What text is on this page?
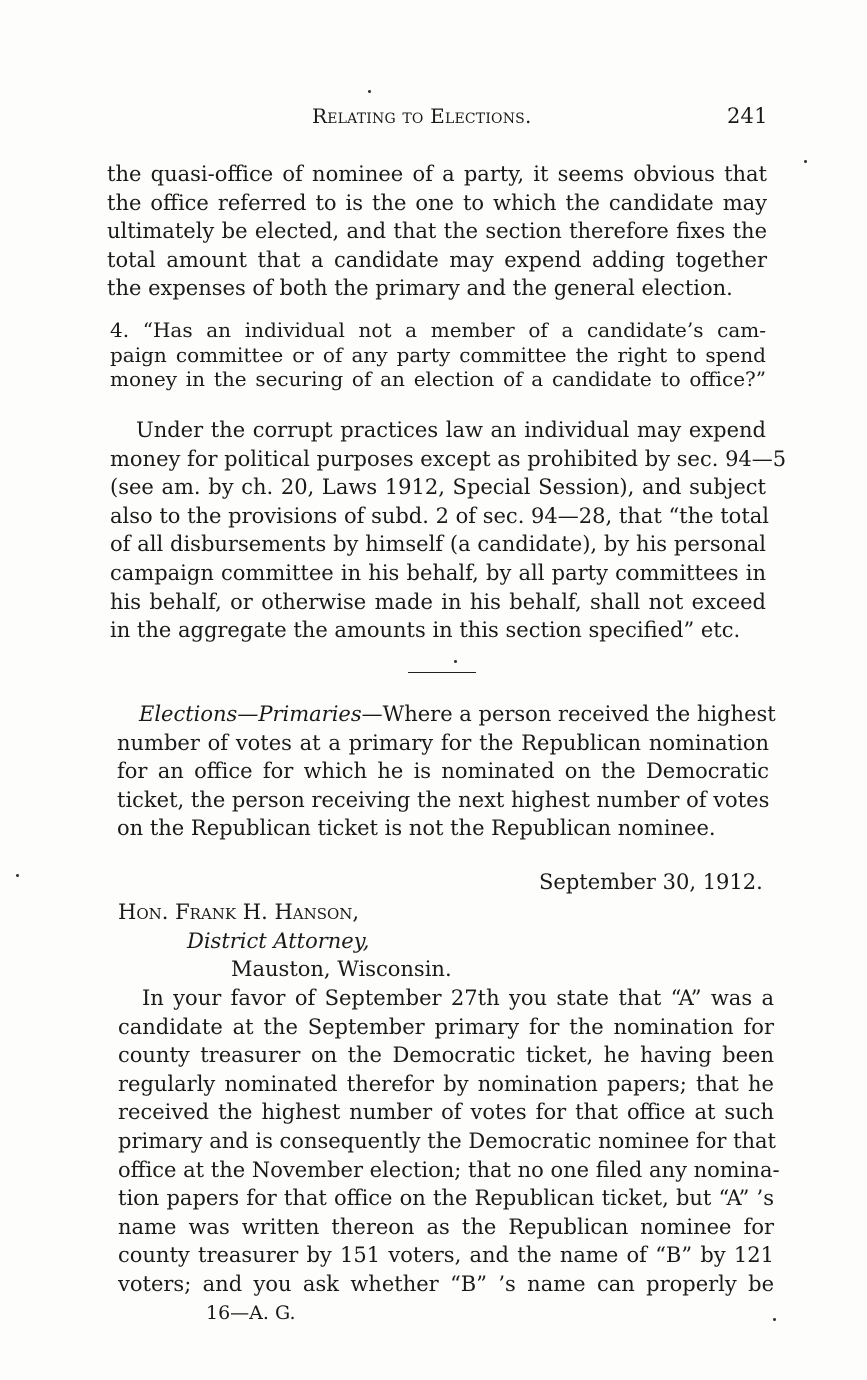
Relating to Elections.	241

the quasi-office of nominee of a party, it seems obvious that
the office referred to is the one to which the candidate may
ultimately be elected, and that the section therefore fixes the
total amount that a candidate may expend adding together
the expenses of both the primary and the general election.

4. “Has an individual not a member of a candidate’s cam-
paign committee or of any party committee the right to spend
money in the securing of an election of a candidate to office?”

Under the corrupt practices law an individual may expend
money for political purposes except as prohibited by sec. 94—5
(see am. by ch. 20, Laws 1912, Special Session), and subject
also to the provisions of subd. 2 of sec. 94—28, that “the total
of all disbursements by himself (a candidate), by his personal
campaign committee in his behalf, by all party committees in
his behalf, or otherwise made in his behalf, shall not exceed
in the aggregate the amounts in this section specified” etc.

Elections—Primaries—Where a person received the highest
number of votes at a primary for the Republican nomination
for an office for which he is nominated on the Democratic
ticket, the person receiving the next highest number of votes
on the Republican ticket is not the Republican nominee.

September 30, 1912.
Hon. Frank H. Hanson,
District Attorney,
Mauston, Wisconsin.

In your favor of September 27th you state that “A” was a
candidate at the September primary for the nomination for
county treasurer on the Democratic ticket, he having been
regularly nominated therefor by nomination papers; that he
received the highest number of votes for that office at such
primary and is consequently the Democratic nominee for that
office at the November election; that no one filed any nomina-
tion papers for that office on the Republican ticket, but “A” ’s
name was written thereon as the Republican nominee for
county treasurer by 151 voters, and the name of “B” by 121
voters; and you ask whether “B” ’s name can properly be

16—A. G.
